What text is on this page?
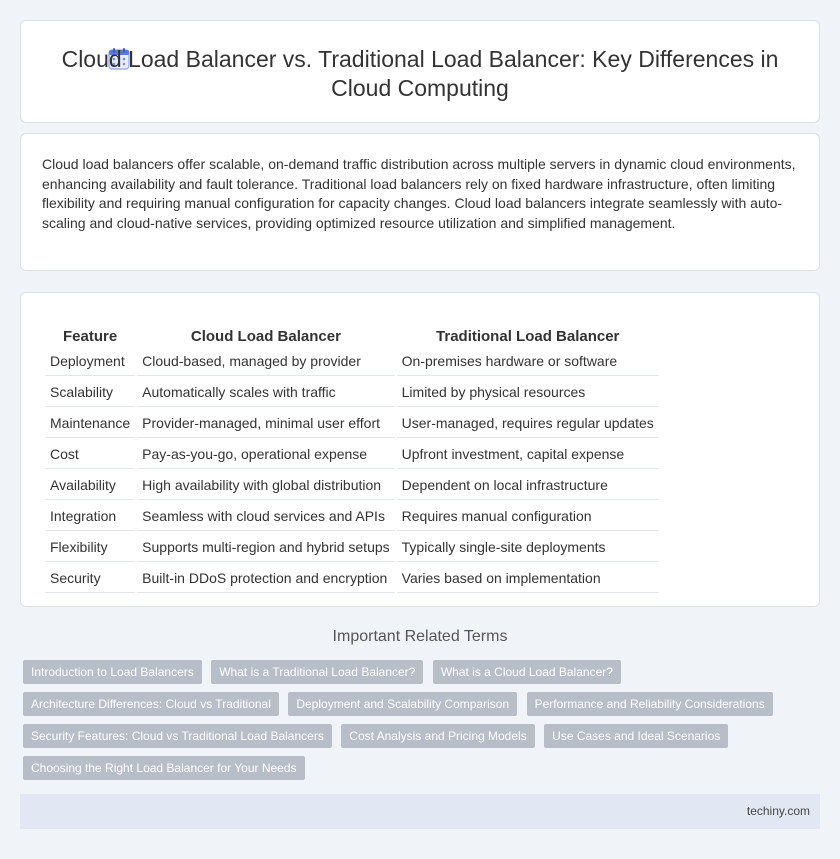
Cloud Load Balancer vs. Traditional Load Balancer: Key Differences in Cloud Computing

Cloud load balancers offer scalable, on-demand traffic distribution across multiple servers in dynamic cloud environments, enhancing availability and fault tolerance. Traditional load balancers rely on fixed hardware infrastructure, often limiting flexibility and requiring manual configuration for capacity changes. Cloud load balancers integrate seamlessly with auto-scaling and cloud-native services, providing optimized resource utilization and simplified management.

Feature	Cloud Load Balancer	Traditional Load Balancer
Deployment	Cloud-based, managed by provider	On-premises hardware or software
Scalability	Automatically scales with traffic	Limited by physical resources
Maintenance	Provider-managed, minimal user effort	User-managed, requires regular updates
Cost	Pay-as-you-go, operational expense	Upfront investment, capital expense
Availability	High availability with global distribution	Dependent on local infrastructure
Integration	Seamless with cloud services and APIs	Requires manual configuration
Flexibility	Supports multi-region and hybrid setups	Typically single-site deployments
Security	Built-in DDoS protection and encryption	Varies based on implementation
Important Related Terms
Introduction to Load Balancers What is a Traditional Load Balancer? What is a Cloud Load Balancer? Architecture Differences: Cloud vs Traditional Deployment and Scalability Comparison Performance and Reliability Considerations Security Features: Cloud vs Traditional Load Balancers Cost Analysis and Pricing Models Use Cases and Ideal Scenarios Choosing the Right Load Balancer for Your Needs
techiny.com
